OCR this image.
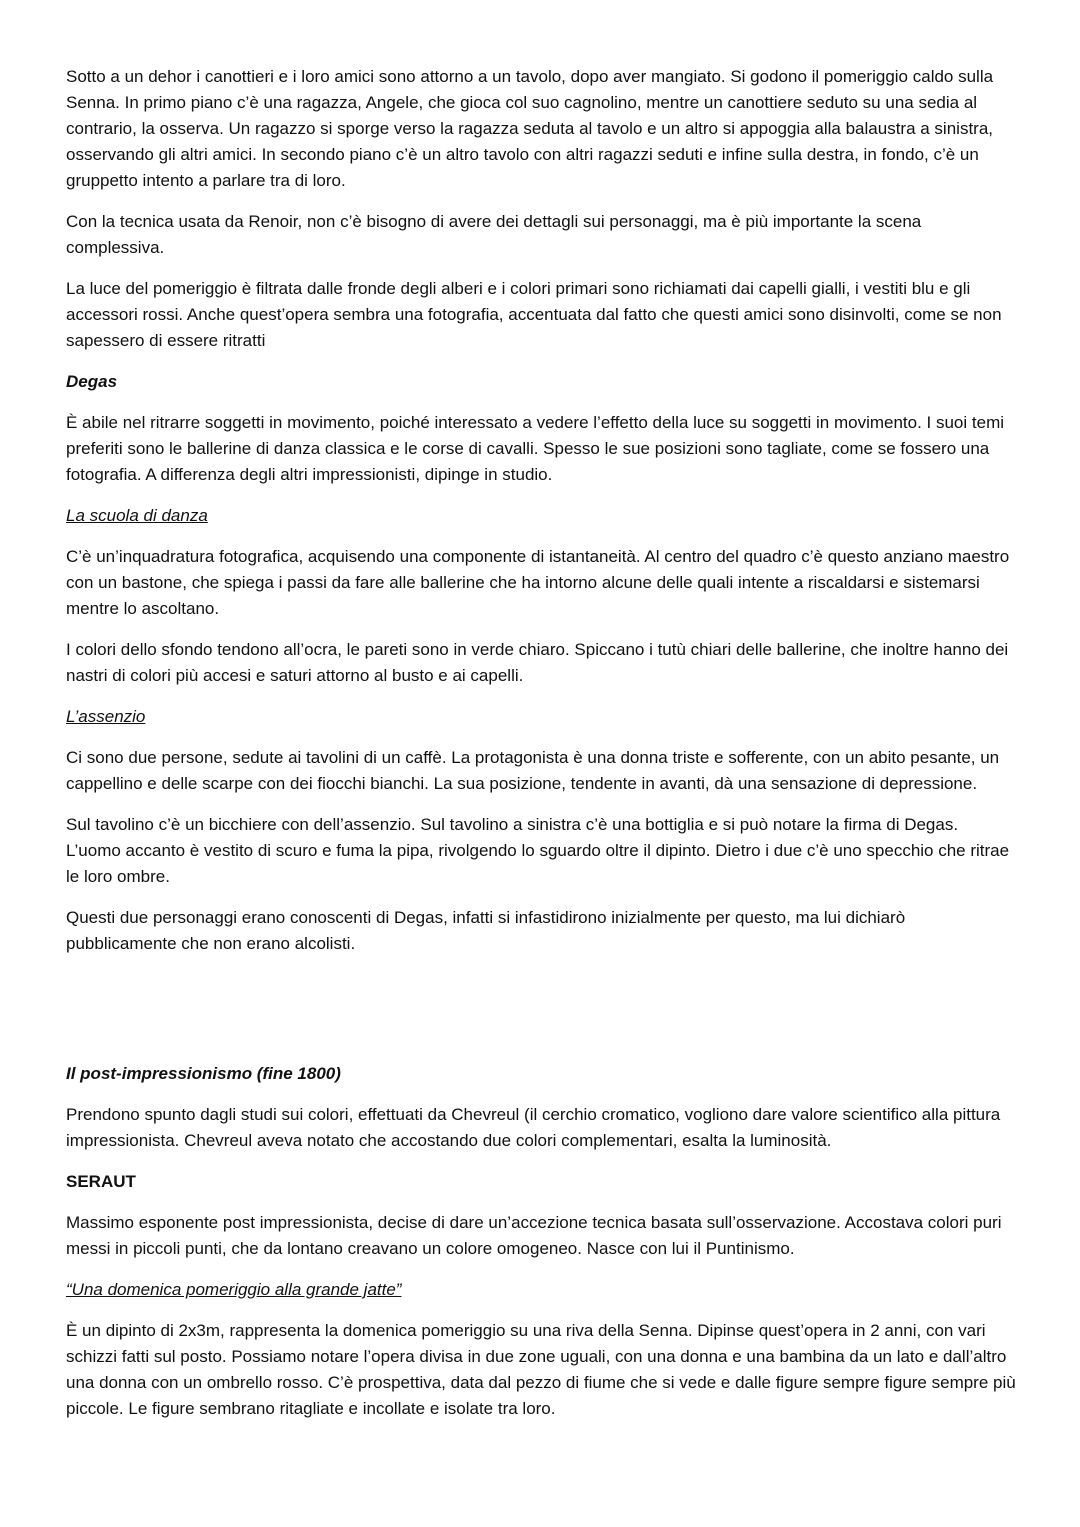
Sotto a un dehor i canottieri e i loro amici sono attorno a un tavolo, dopo aver mangiato. Si godono il pomeriggio caldo sulla Senna. In primo piano c’è una ragazza, Angele, che gioca col suo cagnolino, mentre un canottiere seduto su una sedia al contrario, la osserva. Un ragazzo si sporge verso la ragazza seduta al tavolo e un altro si appoggia alla balaustra a sinistra, osservando gli altri amici. In secondo piano c’è un altro tavolo con altri ragazzi seduti e infine sulla destra, in fondo, c’è un gruppetto intento a parlare tra di loro.

Con la tecnica usata da Renoir, non c’è bisogno di avere dei dettagli sui personaggi, ma è più importante la scena complessiva.

La luce del pomeriggio è filtrata dalle fronde degli alberi e i colori primari sono richiamati dai capelli gialli, i vestiti blu e gli accessori rossi. Anche quest’opera sembra una fotografia, accentuata dal fatto che questi amici sono disinvolti, come se non sapessero di essere ritratti

Degas

È abile nel ritrarre soggetti in movimento, poiché interessato a vedere l’effetto della luce su soggetti in movimento. I suoi temi preferiti sono le ballerine di danza classica e le corse di cavalli. Spesso le sue posizioni sono tagliate, come se fossero una fotografia. A differenza degli altri impressionisti, dipinge in studio.

La scuola di danza

C’è un’inquadratura fotografica, acquisendo una componente di istantaneità. Al centro del quadro c’è questo anziano maestro con un bastone, che spiega i passi da fare alle ballerine che ha intorno alcune delle quali intente a riscaldarsi e sistemarsi mentre lo ascoltano.

I colori dello sfondo tendono all’ocra, le pareti sono in verde chiaro. Spiccano i tutù chiari delle ballerine, che inoltre hanno dei nastri di colori più accesi e saturi attorno al busto e ai capelli.

L’assenzio

Ci sono due persone, sedute ai tavolini di un caffè. La protagonista è una donna triste e sofferente, con un abito pesante, un cappellino e delle scarpe con dei fiocchi bianchi. La sua posizione, tendente in avanti, dà una sensazione di depressione.

Sul tavolino c’è un bicchiere con dell’assenzio. Sul tavolino a sinistra c’è una bottiglia e si può notare la firma di Degas. L’uomo accanto è vestito di scuro e fuma la pipa, rivolgendo lo sguardo oltre il dipinto. Dietro i due c’è uno specchio che ritrae le loro ombre.

Questi due personaggi erano conoscenti di Degas, infatti si infastidirono inizialmente per questo, ma lui dichiarò pubblicamente che non erano alcolisti.

Il post-impressionismo (fine 1800)

Prendono spunto dagli studi sui colori, effettuati da Chevreul (il cerchio cromatico, vogliono dare valore scientifico alla pittura impressionista. Chevreul aveva notato che accostando due colori complementari, esalta la luminosità.

SERAUT

Massimo esponente post impressionista, decise di dare un’accezione tecnica basata sull’osservazione. Accostava colori puri messi in piccoli punti, che da lontano creavano un colore omogeneo. Nasce con lui il Puntinismo.

“Una domenica pomeriggio alla grande jatte”

È un dipinto di 2x3m, rappresenta la domenica pomeriggio su una riva della Senna. Dipinse quest’opera in 2 anni, con vari schizzi fatti sul posto. Possiamo notare l’opera divisa in due zone uguali, con una donna e una bambina da un lato e dall’altro una donna con un ombrello rosso. C’è prospettiva, data dal pezzo di fiume che si vede e dalle figure sempre figure sempre più piccole. Le figure sembrano ritagliate e incollate e isolate tra loro.
